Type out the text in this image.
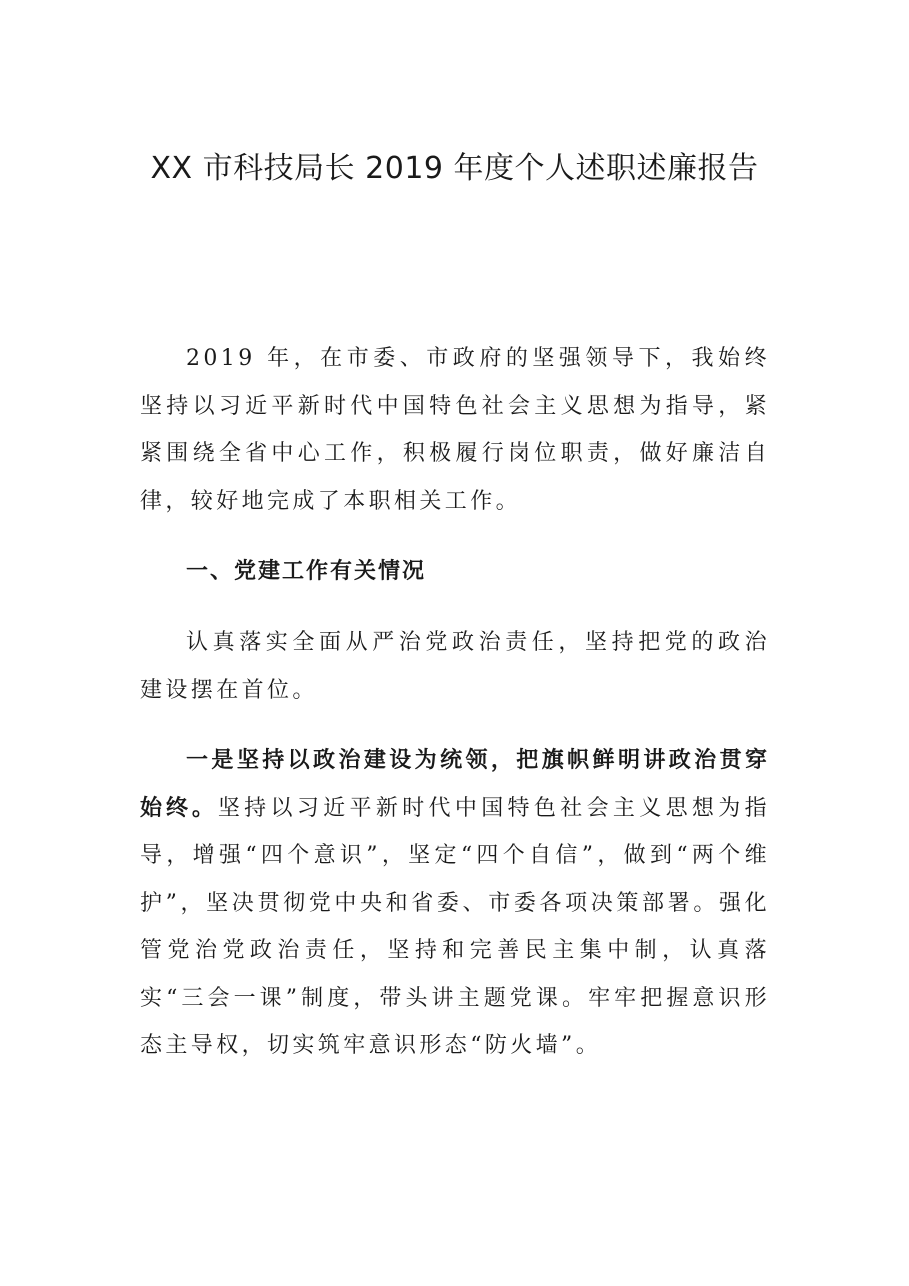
XX 市科技局长 2019 年度个人述职述廉报告

2019 年，在市委、市政府的坚强领导下，我始终坚持以习近平新时代中国特色社会主义思想为指导，紧紧围绕全省中心工作，积极履行岗位职责，做好廉洁自律，较好地完成了本职相关工作。

一、党建工作有关情况

认真落实全面从严治党政治责任，坚持把党的政治建设摆在首位。

一是坚持以政治建设为统领，把旗帜鲜明讲政治贯穿始终。坚持以习近平新时代中国特色社会主义思想为指导，增强“四个意识”，坚定“四个自信”，做到“两个维护”，坚决贯彻党中央和省委、市委各项决策部署。强化管党治党政治责任，坚持和完善民主集中制，认真落实“三会一课”制度，带头讲主题党课。牢牢把握意识形态主导权，切实筑牢意识形态“防火墙”。
